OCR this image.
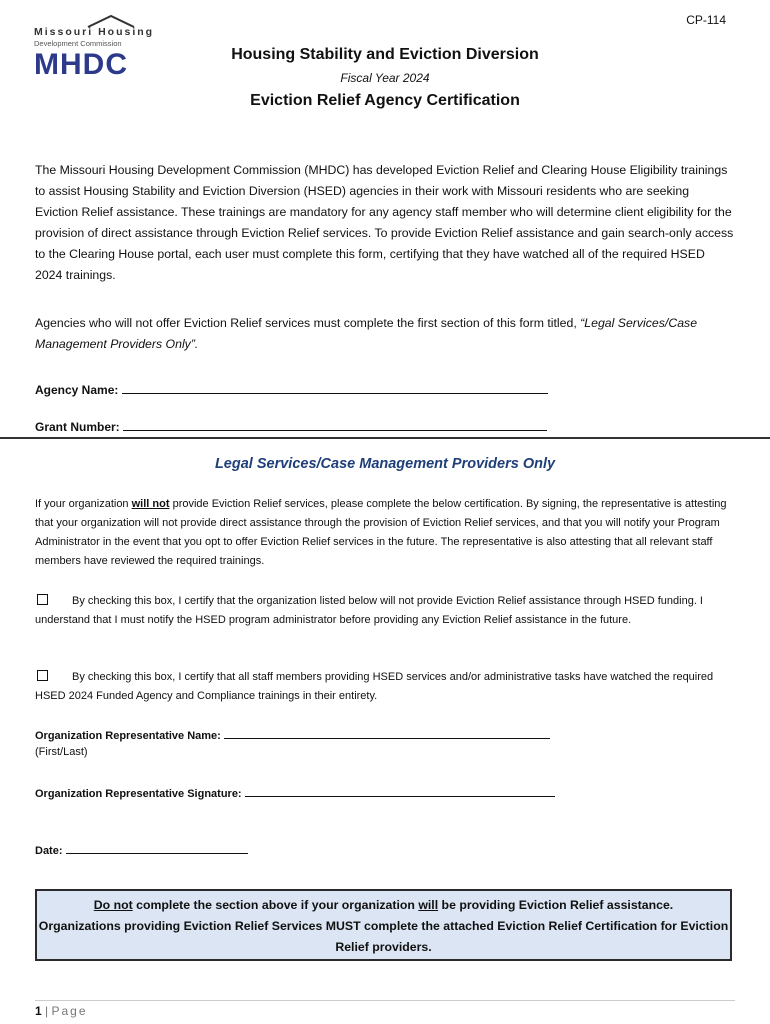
CP-114
Missouri Housing
Development Commission
MHDC	Housing Stability and Eviction Diversion
Fiscal Year 2024
Eviction Relief Agency Certification

The Missouri Housing Development Commission (MHDC) has developed Eviction Relief and Clearing House Eligibility trainings to assist Housing Stability and Eviction Diversion (HSED) agencies in their work with Missouri residents who are seeking Eviction Relief assistance. These trainings are mandatory for any agency staff member who will determine client eligibility for the provision of direct assistance through Eviction Relief services. To provide Eviction Relief assistance and gain search-only access to the Clearing House portal, each user must complete this form, certifying that they have watched all of the required HSED 2024 trainings.

Agencies who will not offer Eviction Relief services must complete the first section of this form titled, “Legal Services/Case Management Providers Only”.

Agency Name:
Grant Number:
Legal Services/Case Management Providers Only

If your organization will not provide Eviction Relief services, please complete the below certification. By signing, the representative is attesting that your organization will not provide direct assistance through the provision of Eviction Relief services, and that you will notify your Program Administrator in the event that you opt to offer Eviction Relief services in the future. The representative is also attesting that all relevant staff members have reviewed the required trainings.

By checking this box, I certify that the organization listed below will not provide Eviction Relief assistance through HSED funding. I understand that I must notify the HSED program administrator before providing any Eviction Relief assistance in the future.

By checking this box, I certify that all staff members providing HSED services and/or administrative tasks have watched the required HSED 2024 Funded Agency and Compliance trainings in their entirety.

Organization Representative Name:
(First/Last)
Organization Representative Signature:
Date:
Do not complete the section above if your organization will be providing Eviction Relief assistance.
Organizations providing Eviction Relief Services MUST complete the attached Eviction Relief Certification for Eviction Relief providers.
1 | Page
